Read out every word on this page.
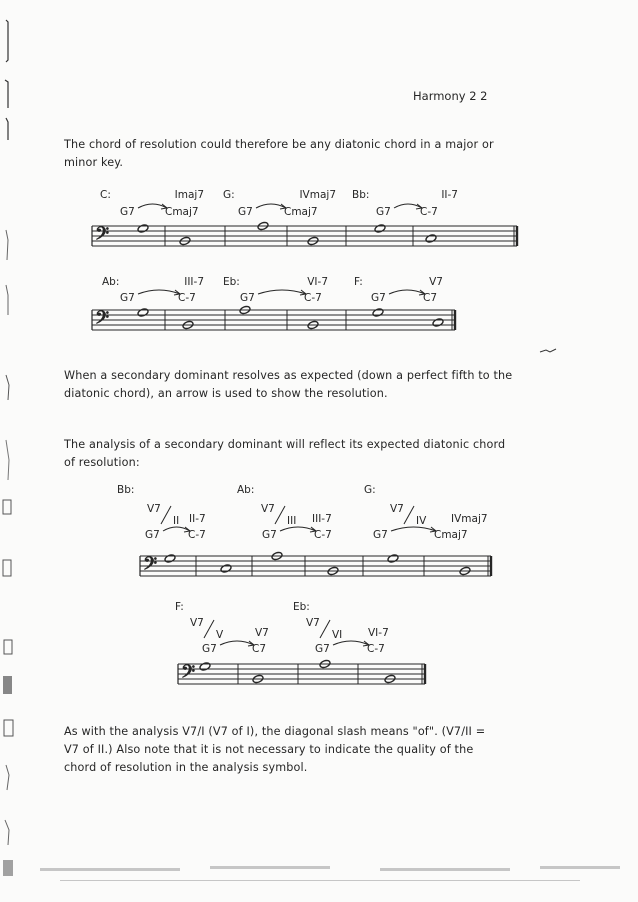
Harmony 2 2
The chord of resolution could therefore be any diatonic chord in a major or
minor key.
When a secondary dominant resolves as expected (down a perfect fifth to the
diatonic chord), an arrow is used to show the resolution.
The analysis of a secondary dominant will reflect its expected diatonic chord
of resolution:
As with the analysis V7/I (V7 of I), the diagonal slash means "of". (V7/II =
V7 of II.) Also note that it is not necessary to indicate the quality of the
chord of resolution in the analysis symbol.
C:	Imaj7
G7	Cmaj7
G:	IVmaj7
G7	Cmaj7
Bb:	II-7
G7	C-7
𝄢
Ab:	III-7
G7	C-7
Eb:	VI-7
G7	C-7
F:	V7
G7	C7
𝄢
Bb:
V7
II II-7
G7	C-7
Ab:
V7
III III-7
G7	C-7
G:
V7
IV IVmaj7
G7	Cmaj7
𝄢
F:
V7
V	V7
G7	C7
Eb:
V7
VI VI-7
G7	C-7
𝄢
